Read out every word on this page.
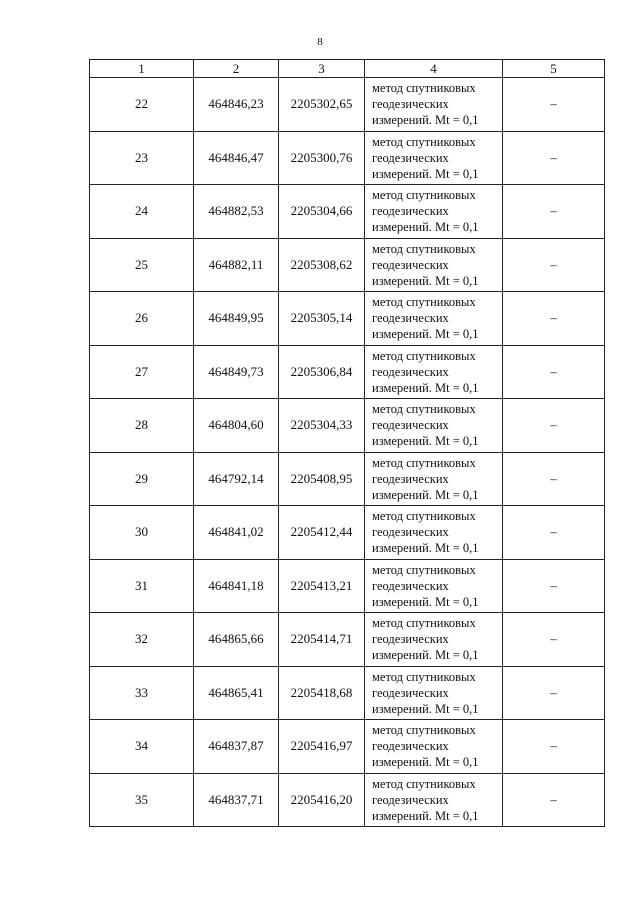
8
1	2	3	4	5
22	464846,23	2205302,65	метод спутниковых
геодезических
измерений. Mt = 0,1	–
23	464846,47	2205300,76	метод спутниковых
геодезических
измерений. Mt = 0,1	–
24	464882,53	2205304,66	метод спутниковых
геодезических
измерений. Mt = 0,1	–
25	464882,11	2205308,62	метод спутниковых
геодезических
измерений. Mt = 0,1	–
26	464849,95	2205305,14	метод спутниковых
геодезических
измерений. Mt = 0,1	–
27	464849,73	2205306,84	метод спутниковых
геодезических
измерений. Mt = 0,1	–
28	464804,60	2205304,33	метод спутниковых
геодезических
измерений. Mt = 0,1	–
29	464792,14	2205408,95	метод спутниковых
геодезических
измерений. Mt = 0,1	–
30	464841,02	2205412,44	метод спутниковых
геодезических
измерений. Mt = 0,1	–
31	464841,18	2205413,21	метод спутниковых
геодезических
измерений. Mt = 0,1	–
32	464865,66	2205414,71	метод спутниковых
геодезических
измерений. Mt = 0,1	–
33	464865,41	2205418,68	метод спутниковых
геодезических
измерений. Mt = 0,1	–
34	464837,87	2205416,97	метод спутниковых
геодезических
измерений. Mt = 0,1	–
35	464837,71	2205416,20	метод спутниковых
геодезических
измерений. Mt = 0,1	–
